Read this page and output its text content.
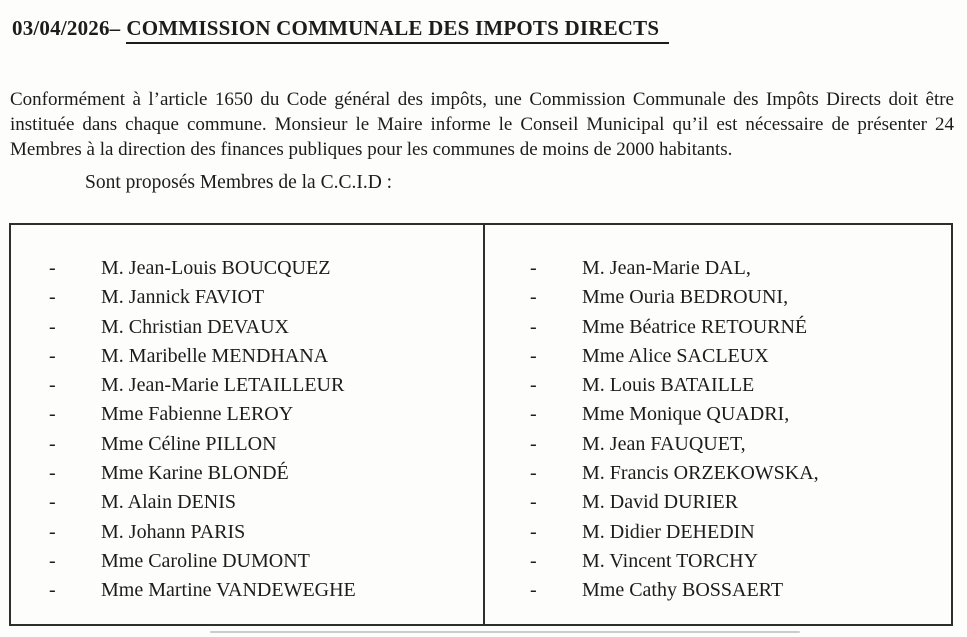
03/04/2026– COMMISSION COMMUNALE DES IMPOTS DIRECTS

Conformément à l’article 1650 du Code général des impôts, une Commission Communale des Impôts Directs doit être instituée dans chaque commune. Monsieur le Maire informe le Conseil Municipal qu’il est nécessaire de présenter 24 Membres à la direction des finances publiques pour les communes de moins de 2000 habitants.

Sont proposés Membres de la C.C.I.D :
-	M. Jean-Louis BOUCQUEZ
-	M. Jannick FAVIOT
-	M. Christian DEVAUX
-	M. Maribelle MENDHANA
-	M. Jean-Marie LETAILLEUR
-	Mme Fabienne LEROY
-	Mme Céline PILLON
-	Mme Karine BLONDÉ
-	M. Alain DENIS
-	M. Johann PARIS
-	Mme Caroline DUMONT
-	Mme Martine VANDEWEGHE
-	M. Jean-Marie DAL,
-	Mme Ouria BEDROUNI,
-	Mme Béatrice RETOURNÉ
-	Mme Alice SACLEUX
-	M. Louis BATAILLE
-	Mme Monique QUADRI,
-	M. Jean FAUQUET,
-	M. Francis ORZEKOWSKA,
-	M. David DURIER
-	M. Didier DEHEDIN
-	M. Vincent TORCHY
-	Mme Cathy BOSSAERT
